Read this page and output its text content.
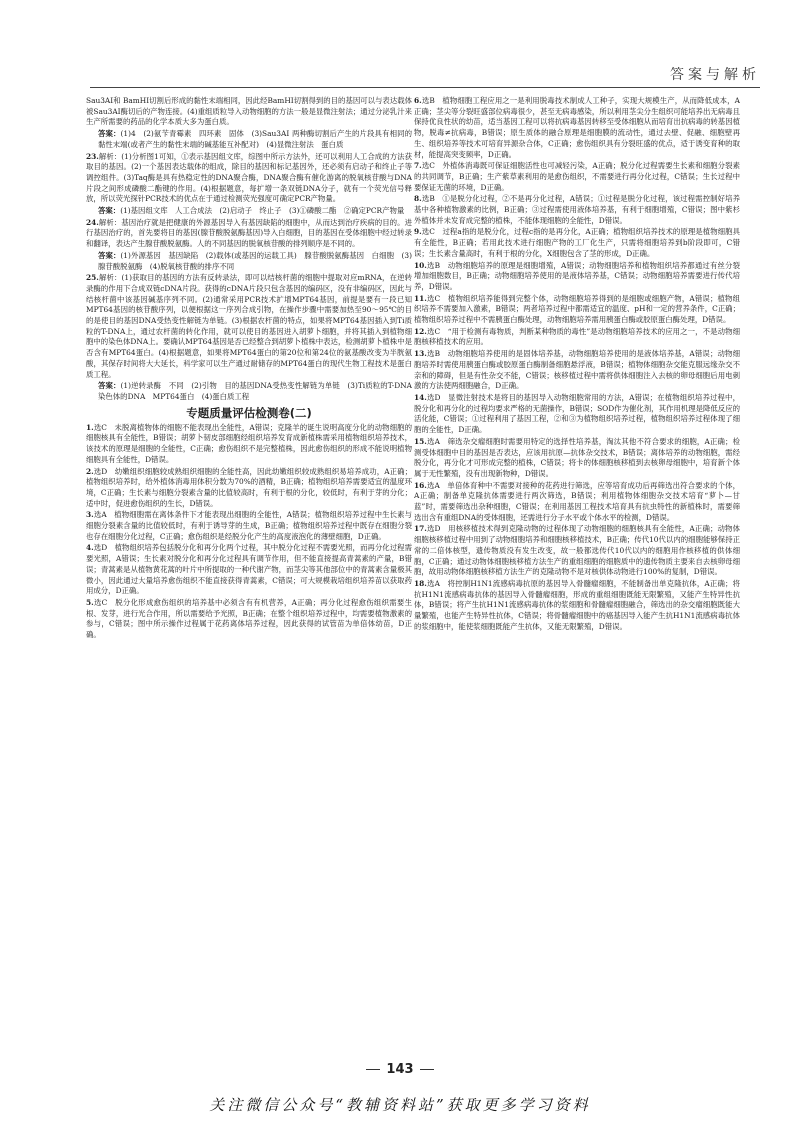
答案与解析
Sau3AⅠ和 BamHⅠ切割后形成的黏性末端相同，因此经BamHⅠ切割得到的目的基因可以与表达载体被Sau3AⅠ酶切后的产物连接。(4)重组质粒导入动物细胞的方法一般是显微注射法；通过分泌乳汁来生产所需要的药品的化学本质大多为蛋白质。
答案：(1)4　(2)氨苄青霉素　四环素　固体　(3)Sau3AⅠ 两种酶切割后产生的片段具有相同的黏性末端(或者产生的黏性末端的碱基能互补配对)　(4)显微注射法　蛋白质
23.解析：(1)分析图1可知，①表示基因组文库，综图中所示方法外，还可以利用人工合成的方法获取目的基因。(2)一个基因表达载体的组成，除目的基因和标记基因外，还必须有启动子和终止子等调控组件。(3)Taq酶是具有热稳定性的DNA聚合酶，DNA聚合酶有催化游离的脱氧核苷酸与DNA片段之间形成磷酸二酯键的作用。(4)根据题意，每扩增一条双链DNA分子，就有一个荧光信号释放，所以荧光探针PCR技术的优点在于通过检测荧光强度可确定PCR产物量。
答案：(1)基因组文库　人工合成法　(2)启动子　终止子　(3)①磷酸二酯　②确定PCR产物量
24.解析：基因治疗就是把健康的外源基因导入有基因缺陷的细胞中，从而达到治疗疾病的目的。进行基因治疗的，首先要将目的基因(腺苷酸脱氨酶基因)导入白细胞，目的基因在受体细胞中经过转录和翻译，表达产生腺苷酸脱氨酶。人的不同基因的脱氧核苷酸的排列顺序是不同的。
答案：(1)外源基因　基因缺陷　(2)载体(或基因的运载工具)　腺苷酸脱氨酶基因　白细胞　(3)腺苷酸脱氨酶　(4)脱氧核苷酸的排序不同
25.解析：(1)获取目的基因的方法有反转录法，即可以结核杆菌的细胞中提取对应mRNA，在逆转录酶的作用下合成双链cDNA片段。获得的cDNA片段只包含基因的编码区，没有非编码区，因此与结核杆菌中该基因碱基序列不同。(2)通常采用PCR技术扩增MPT64基因，前提是要有一段已知MPT64基因的核苷酸序列，以便根据这一序列合成引物，在操作步骤中需要加热至90～95℃的目的是使目的基因DNA受热变性解链为单链。(3)根据农杆菌的特点，如果将MPT64基因插入到Ti质粒的T-DNA上，通过农杆菌的转化作用，就可以使目的基因进入胡萝卜细胞，并将其插入到植物细胞中的染色体DNA上。要确认MPT64基因是否已经整合到胡萝卜植株中表达，检测胡萝卜植株中是否含有MPT64蛋白。(4)根据题意，如果将MPT64蛋白的第20位和第24位的氨基酸改变为半胱氨酸，其保存时间将大大延长，科学家可以生产通过耐储存的MPT64蛋白的现代生物工程技术是蛋白质工程。
答案：(1)逆转录酶　不同　(2)引物　目的基因DNA受热变性解链为单链　(3)Ti质粒的T-DNA　染色体的DNA　MPT64蛋白　(4)蛋白质工程
专题质量评估检测卷(二)
1.选C　未脱离植物体的细胞不能表现出全能性，A错误；克隆羊的诞生说明高度分化的动物细胞的细胞核具有全能性，B错误；胡萝卜韧皮部细胞经组织培养发育成新植株需采用植物组织培养技术，该技术的原理是细胞的全能性，C正确；愈伤组织不是完整植株，因此愈伤组织的形成不能说明植物细胞具有全能性，D错误。
2.选D　幼嫩组织细胞较成熟组织细胞的全能性高，因此幼嫩组织较成熟组织易培养成功，A正确；植物组织培养时，给外植体消毒用体积分数为70%的酒精，B正确；植物组织培养需要适宜的温度环境，C正确；生长素与细胞分裂素含量的比值较高时，有利于根的分化，较低时，有利于芽的分化；适中时，促进愈伤组织的生长，D错误。
3.选A　植物细胞需在离体条件下才能表现出细胞的全能性，A错误；植物组织培养过程中生长素与细胞分裂素含量的比值较低时，有利于诱导芽的生成，B正确；植物组织培养过程中既存在细胞分裂也存在细胞分化过程，C正确；愈伤组织是经脱分化产生的高度液泡化的薄壁细胞，D正确。
4.选D　植物组织培养包括脱分化和再分化两个过程，其中脱分化过程不需要光照，而再分化过程需要光照，A错误；生长素对脱分化和再分化过程具有调节作用，但不能直接提高青蒿素的产量，B错误；青蒿素是从植物黄花蒿的叶片中所提取的一种代谢产物，而茎尖等其他部位中的青蒿素含量极其微小，因此通过大量培养愈伤组织不能直接获得青蒿素，C错误；可大规模栽培组织培养苗以获取药用成分，D正确。
5.选C　脱分化形成愈伤组织的培养基中必须含有有机营养，A正确；再分化过程愈伤组织需要生根、发芽，进行光合作用，所以需要给予光照，B正确；在整个组织培养过程中，均需要植物激素的参与，C错误；图中所示操作过程属于花药离体培养过程，因此获得的试管苗为单倍体幼苗，D正确。
6.选B　植物细胞工程应用之一是利用脱毒技术制成人工种子，实现大规模生产，从而降低成本，A正确；茎尖等分裂旺盛部位病毒很少，甚至无病毒感染，所以利用茎尖分生组织可能培养出无病毒且保持优良性状的幼苗，适当基因工程可以将抗病毒基因转移至受体细胞从而培育出抗病毒的转基因植物，脱毒≠抗病毒，B错误；原生质体的融合原理是细胞膜的流动性，通过去壁、促融、细胞壁再生、组织培养等技术可培育异源杂合体，C正确；愈伤组织具有分裂旺盛的优点，适于诱变育种的取材，能提高突变频率，D正确。
7.选C　外植体消毒既可保证细胞活性也可减轻污染，A正确；脱分化过程需要生长素和细胞分裂素的共同调节，B正确；生产紫草素利用的是愈伤组织，不需要进行再分化过程，C错误；生长过程中要保证无菌的环境，D正确。
8.选B　①是脱分化过程，②不是再分化过程，A错误；①过程是脱分化过程，该过程需控制好培养基中各种植物激素的比例，B正确；③过程需使用液体培养基，有利于细胞增殖，C错误；图中紫杉外植体并未发育成完整的植株，不能体现细胞的全能性，D错误。
9.选C　过程a指的是脱分化，过程c指的是再分化，A正确；植物组织培养技术的原理是植物细胞具有全能性，B正确；若用此技术进行细胞产物的工厂化生产，只需将细胞培养到b阶段即可，C错误；生长素含量高时，有利于根的分化，X细胞包含了茎的形成，D正确。
10.选B　动物细胞培养的原理是细胞增殖，A错误；动物细胞培养和植物组织培养都通过有丝分裂增加细胞数目，B正确；动物细胞培养使用的是液体培养基，C错误；动物细胞培养需要进行传代培养，D错误。
11.选C　植物组织培养能得到完整个体，动物细胞培养得到的是细胞或细胞产物，A错误；植物组织培养不需要加入激素，B错误；两者培养过程中都需适宜的温度、pH和一定的营养条件，C正确；植物组织培养过程中不需胰蛋白酶处理，动物细胞培养需用胰蛋白酶或胶原蛋白酶处理，D错误。
12.选C　“用于检测有毒物质，判断某种物质的毒性”是动物细胞培养技术的应用之一，不是动物细胞核移植技术的应用。
13.选B　动物细胞培养使用的是固体培养基，动物细胞培养使用的是液体培养基，A错误；动物细胞培养时需使用胰蛋白酶或胶原蛋白酶制备细胞悬浮液，B错误；植物体细胞杂交能克服远缘杂交不亲和的障碍，但是有性杂交不能，C错误；核移植过程中需将供体细胞注入去核的卵母细胞后用电刺激的方法使两细胞融合，D正确。
14.选D　显微注射技术是将目的基因导入动物细胞常用的方法，A错误；在植物组织培养过程中，脱分化和再分化的过程均要求严格的无菌操作，B错误；SOD作为催化剂，其作用机理是降低反应的活化能，C错误；①过程利用了基因工程，②和③为植物组织培养过程，植物组织培养过程体现了细胞的全能性，D正确。
15.选A　筛选杂交瘤细胞时需要用特定的选择性培养基，淘汰其他不符合要求的细胞，A正确；检测受体细胞中目的基因是否表达，应该用抗原—抗体杂交技术，B错误；离体培养的动物细胞，需经脱分化，再分化才可形成完整的植株，C错误；将卡的体细胞核移植到去核卵母细胞中，培育新个体属于无性繁殖，没有出现新物种，D错误。
16.选A　单倍体育种中不需要对接种的花药进行筛选，应等培育成功后再筛选出符合要求的个体，A正确；制备单克隆抗体需要进行两次筛选，B错误；利用植物体细胞杂交技术培育“萝卜—甘蓝”时，需要筛选出杂种细胞，C错误；在利用基因工程技术培育具有抗虫特性的新植株时，需要筛选出含有重组DNA的受体细胞，还需进行分子水平或个体水平的检测，D错误。
17.选D　用核移植技术得到克隆动物的过程体现了动物细胞的细胞核具有全能性，A正确；动物体细胞核移植过程中用到了动物细胞培养和细胞核移植技术，B正确；传代10代以内的细胞能够保持正常的二倍体核型，遗传物质没有发生改变，故一般都选传代10代以内的细胞用作核移植的供体细胞，C正确；通过动物体细胞核移植方法生产的重组细胞的细胞质中的遗传物质主要来自去核卵母细胞，故用动物体细胞核移植方法生产的克隆动物不是对核供体动物进行100%的复制，D错误。
18.选A　将控制H1N1流感病毒抗原的基因导入骨髓瘤细胞，不能制备出单克隆抗体，A正确；将抗H1N1流感病毒抗体的基因导入骨髓瘤细胞，形成的重组细胞既能无限繁殖，又能产生特异性抗体，B错误；将产生抗H1N1流感病毒抗体的浆细胞和骨髓瘤细胞融合，筛选出的杂交瘤细胞既能大量繁殖，也能产生特异性抗体，C错误；将骨髓瘤细胞中的癌基因导入能产生抗H1N1流感病毒抗体的浆细胞中，能使浆细胞既能产生抗体，又能无限繁殖，D错误。
143
关注微信公众号“教辅资料站”获取更多学习资料
